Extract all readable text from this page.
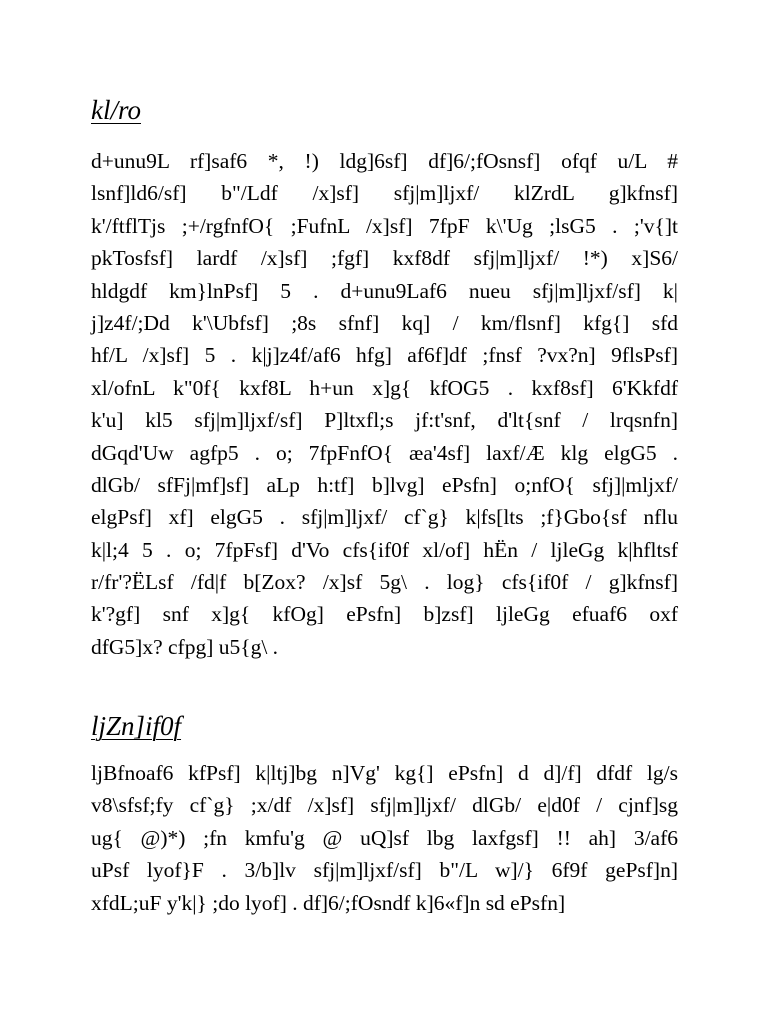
kl/ro
d+unu9L rf]saf6 *, !) ldg]6sf] df]6/;fOsnsf] ofqf u/L #
lsnf]ld6/sf] b"/Ldf /x]sf] sfj|m]ljxf/ klZrdL g]kfnsf]
k'/ftflTjs ;+/rgfnfO{ ;FufnL /x]sf] 7fpF k\'Ug ;lsG5 . ;'v{]t
pkTosfsf] lardf /x]sf] ;fgf] kxf8df sfj|m]ljxf/ !*) x]S6/
hldgdf km}lnPsf] 5 . d+unu9Laf6 nueu sfj|m]ljxf/sf] k|
j]z4f/;Dd k'\Ubfsf] ;8s sfnf] kq] / km/flsnf] kfg{] sfd
hf/L /x]sf] 5 . k|j]z4f/af6 hfg] af6f]df ;fnsf ?vx?n] 9flsPsf]
xl/ofnL k"0f{ kxf8L h+un x]g{ kfOG5 . kxf8sf] 6'Kkfdf
k'u] kl5 sfj|m]ljxf/sf] P]ltxfl;s jf:t'snf, d'lt{snf / lrqsnfn]
dGqd'Uw agfp5 . o; 7fpFnfO{ æa'4sf] laxf/Æ klg elgG5 .
dlGb/ sfFj|mf]sf] aLp h:tf] b]lvg] ePsfn] o;nfO{ sfj]|mljxf/
elgPsf] xf] elgG5 . sfj|m]ljxf/ cf`g} k|fs[lts ;f}Gbo{sf nflu
k|l;4 5 . o; 7fpFsf] d'Vo cfs{if0f xl/of] hËn / ljleGg k|hfltsf
r/fr'?ËLsf /fd|f b[Zox? /x]sf 5g\ . log} cfs{if0f / g]kfnsf]
k'?gf] snf x]g{ kfOg] ePsfn] b]zsf] ljleGg efuaf6 oxf
dfG5]x? cfpg] u5{g\ .
ljZn]if0f
ljBfnoaf6 kfPsf] k|ltj]bg n]Vg' kg{] ePsfn] d d]/f] dfdf lg/s
v8\sfsf;fy cf`g} ;x/df /x]sf] sfj|m]ljxf/ dlGb/ e|d0f / cjnf]sg
ug{ @)*) ;fn kmfu'g @ uQ]sf lbg laxfgsf] !! ah] 3/af6
uPsf lyof}F . 3/b]lv sfj|m]ljxf/sf] b"/L w]/} 6f9f gePsf]n]
xfdL;uF y'k|} ;do lyof] . df]6/;fOsndf k]6«f]n sd ePsfn]
